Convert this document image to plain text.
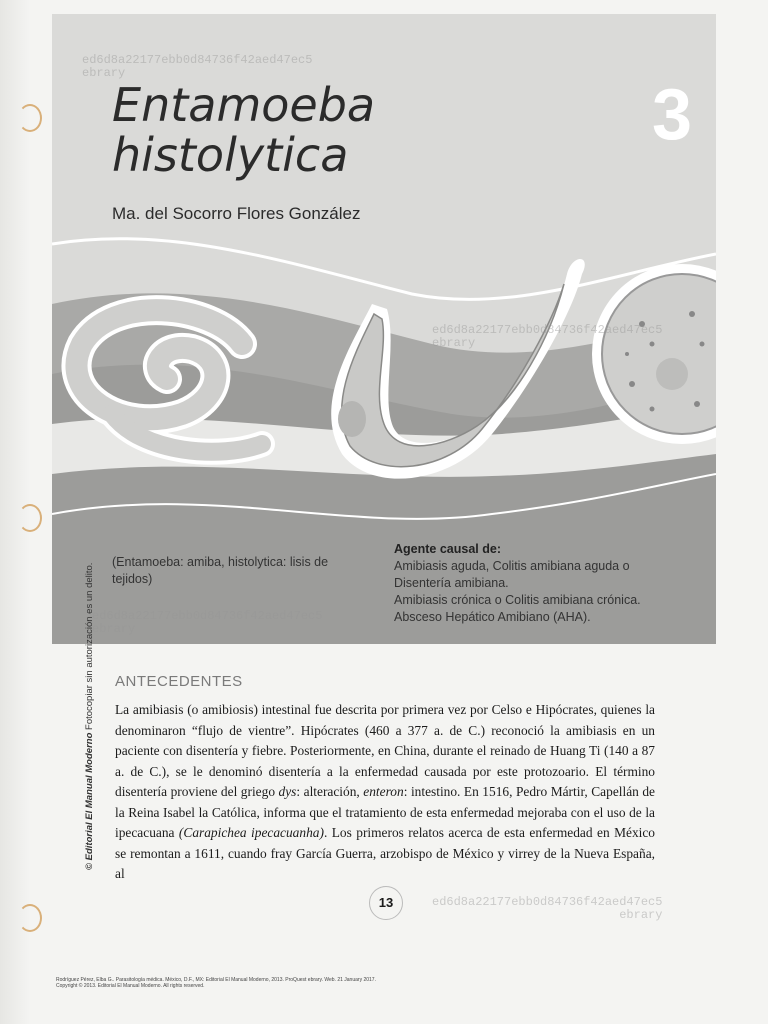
ed6d8a22177ebb0d84736f42aed47ec5
ebrary
ed6d8a22177ebb0d84736f42aed47ec5
ebrary
ed6d8a22177ebb0d84736f42aed47ec5
ebrary
Entamoeba
histolytica	3
Ma. del Socorro Flores González
(Entamoeba: amiba, histolytica: lisis de tejidos)
Agente causal de:
Amibiasis aguda, Colitis amibiana aguda o
Disentería amibiana.
Amibiasis crónica o Colitis amibiana crónica.
Absceso Hepático Amibiano (AHA).
© Editorial El Manual Moderno Fotocopiar sin autorización es un delito. ANTECEDENTES

La amibiasis (o amibiosis) intestinal fue descrita por primera vez por Celso e Hipócrates, quienes la denominaron “flujo de vientre”. Hipócrates (460 a 377 a. de C.) reconoció la amibiasis en un paciente con disentería y fiebre. Posteriormente, en China, durante el reinado de Huang Ti (140 a 87 a. de C.), se le denominó disentería a la enfermedad causada por este protozoario. El término disentería proviene del griego dys: alteración, enteron: intestino. En 1516, Pedro Mártir, Capellán de la Reina Isabel la Católica, informa que el tratamiento de esta enfermedad mejoraba con el uso de la ipecacuana (Carapichea ipecacuanha). Los primeros relatos acerca de esta enfermedad en México se remontan a 1611, cuando fray García Guerra, arzobispo de México y virrey de la Nueva España, al

13	ed6d8a22177ebb0d84736f42aed47ec5
ebrary
Rodríguez Pérez, Elba G.. Parasitología médica. México, D.F., MX: Editorial El Manual Moderno, 2013. ProQuest ebrary. Web. 21 January 2017.
Copyright © 2013. Editorial El Manual Moderno. All rights reserved.
